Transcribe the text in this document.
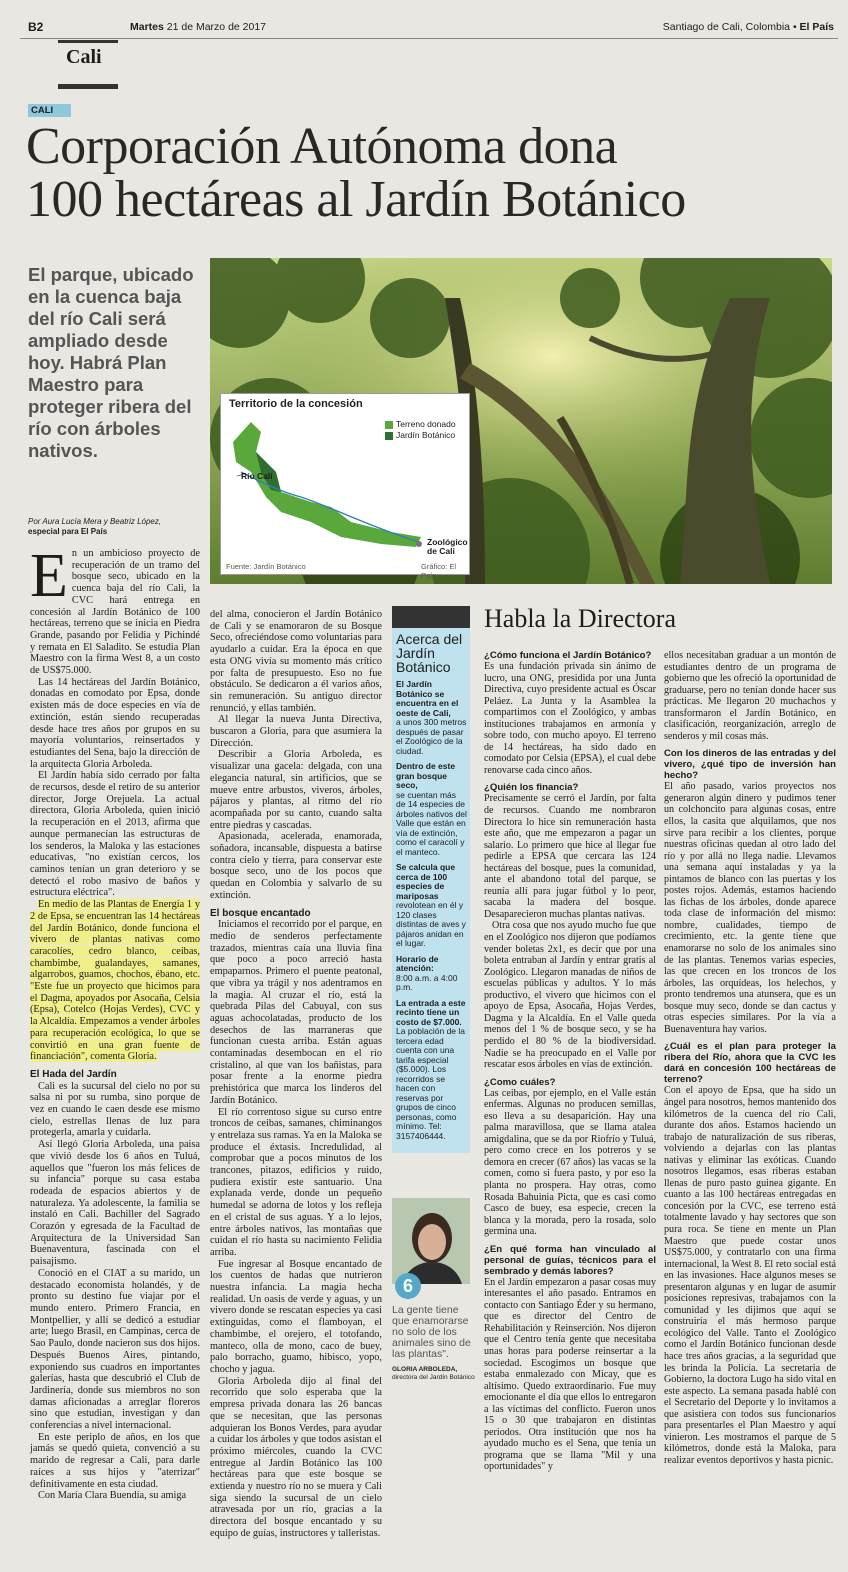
B2	Martes 21 de Marzo de 2017	Santiago de Cali, Colombia • El País
Cali
CALI
Corporación Autónoma dona
100 hectáreas al Jardín Botánico
El parque, ubicado en la cuenca baja del río Cali será ampliado desde hoy. Habrá Plan Maestro para proteger ribera del río con árboles nativos.
Por Aura Lucía Mera y Beatriz López,
especial para El País
Territorio de la concesión
Terreno donado
Jardín Botánico
Río Cali
Zoológico de Cali
Fuente: Jardín Botánico	Gráfico: El País
E n un ambicioso proyecto de recuperación de un tramo del bosque seco, ubicado en la cuenca baja del río Cali, la CVC hará entrega en concesión al Jardín Botánico de 100 hectáreas, terreno que se inicia en Piedra Grande, pasando por Felidia y Pichindé y remata en El Saladito. Se estudia Plan Maestro con la firma West 8, a un costo de US$75.000.

Las 14 hectáreas del Jardín Botánico, donadas en comodato por Epsa, donde existen más de doce especies en vía de extinción, están siendo recuperadas desde hace tres años por grupos en su mayoría voluntarios, reinsertados y estudiantes del Sena, bajo la dirección de la arquitecta Gloria Arboleda.

El Jardín había sido cerrado por falta de recursos, desde el retiro de su anterior director, Jorge Orejuela. La actual directora, Gloria Arboleda, quien inició la recuperación en el 2013, afirma que aunque permanecían las estructuras de los senderos, la Maloka y las estaciones educativas, "no existían cercos, los caminos tenían un gran deterioro y se detectó el robo masivo de baños y estructura eléctrica".

En medio de las Plantas de Energía 1 y 2 de Epsa, se encuentran las 14 hectáreas del Jardín Botánico, donde funciona el vivero de plantas nativas como caracolíes, cedro blanco, ceibas, chambimbe, gualandayes, samanes, algarrobos, guamos, chochos, ébano, etc. "Este fue un proyecto que hicimos para el Dagma, apoyados por Asocaña, Celsia (Epsa), Cotelco (Hojas Verdes), CVC y la Alcaldía. Empezamos a vender árboles para recuperación ecológica, lo que se convirtió en una gran fuente de financiación", comenta Gloria.

El Hada del Jardín

Cali es la sucursal del cielo no por su salsa ni por su rumba, sino porque de vez en cuando le caen desde ese mismo cielo, estrellas llenas de luz para protegerla, amarla y cuidarla.

Así llegó Gloria Arboleda, una paisa que vivió desde los 6 años en Tuluá, aquellos que "fueron los más felices de su infancia" porque su casa estaba rodeada de espacios abiertos y de naturaleza. Ya adolescente, la familia se instaló en Cali. Bachiller del Sagrado Corazón y egresada de la Facultad de Arquitectura de la Universidad San Buenaventura, fascinada con el paisajismo.

Conoció en el CIAT a su marido, un destacado economista holandés, y de pronto su destino fue viajar por el mundo entero. Primero Francia, en Montpellier, y allí se dedicó a estudiar arte; luego Brasil, en Campinas, cerca de Sao Paulo, donde nacieron sus dos hijos. Después Buenos Aires, pintando, exponiendo sus cuadros en importantes galerías, hasta que descubrió el Club de Jardinería, donde sus miembros no son damas aficionadas a arreglar floreros sino que estudian, investigan y dan conferencias a nivel internacional.

En este periplo de años, en los que jamás se quedó quieta, convenció a su marido de regresar a Cali, para darle raíces a sus hijos y "aterrizar" definitivamente en esta ciudad.

Con María Clara Buendía, su amiga

del alma, conocieron el Jardín Botánico de Cali y se enamoraron de su Bosque Seco, ofreciéndose como voluntarias para ayudarlo a cuidar. Era la época en que esta ONG vivía su momento más crítico por falta de presupuesto. Eso no fue obstáculo. Se dedicaron a él varios años, sin remuneración. Su antiguo director renunció, y ellas también.

Al llegar la nueva Junta Directiva, buscaron a Gloria, para que asumiera la Dirección.

Describir a Gloria Arboleda, es visualizar una gacela: delgada, con una elegancia natural, sin artificios, que se mueve entre arbustos, viveros, árboles, pájaros y plantas, al ritmo del río acompañada por su canto, cuando salta entre piedras y cascadas.

Apasionada, acelerada, enamorada, soñadora, incansable, dispuesta a batirse contra cielo y tierra, para conservar este bosque seco, uno de los pocos que quedan en Colombia y salvarlo de su extinción.

El bosque encantado

Iniciamos el recorrido por el parque, en medio de senderos perfectamente trazados, mientras caía una lluvia fina que poco a poco arreció hasta empaparnos. Primero el puente peatonal, que vibra ya trágil y nos adentramos en la magia. Al cruzar el río, está la quebrada Pilas del Cabuyal, con sus aguas achocolatadas, producto de los desechos de las marraneras que funcionan cuesta arriba. Están aguas contaminadas desembocan en el río cristalino, al que van los bañistas, para posar frente a la enorme piedra prehistórica que marca los linderos del Jardín Botánico.

El río correntoso sigue su curso entre troncos de ceibas, samanes, chiminangos y entrelaza sus ramas. Ya en la Maloka se produce el éxtasis. Incredulidad, al comprobar que a pocos minutos de los trancones, pitazos, edificios y ruido, pudiera existir este santuario. Una explanada verde, donde un pequeño humedal se adorna de lotos y los refleja en el cristal de sus aguas. Y a lo lejos, entre árboles nativos, las montañas que cuidan el río hasta su nacimiento Felidia arriba.

Fue ingresar al Bosque encantado de los cuentos de hadas que nutrieron nuestra infancia. La magia hecha realidad. Un oasis de verde y aguas, y un vivero donde se rescatan especies ya casi extinguidas, como el flamboyan, el chambimbe, el orejero, el totofando, manteco, olla de mono, caco de buey, palo borracho, guamo, hibisco, yopo, chocho y jagua.

Gloria Arboleda dijo al final del recorrido que solo esperaba que la empresa privada donara las 26 bancas que se necesitan, que las personas adquieran los Bonos Verdes, para ayudar a cuidar los árboles y que todos asistan el próximo miércoles, cuando la CVC entregue al Jardín Botánico las 100 hectáreas para que este bosque se extienda y nuestro río no se muera y Cali siga siendo la sucursal de un cielo atravesada por un río, gracias a la directora del bosque encantado y su equipo de guías, instructores y talleristas.

Acerca del Jardín Botánico
El Jardín Botánico se encuentra en el oeste de Cali,
a unos 300 metros después de pasar el Zoológico de la ciudad.
Dentro de este gran bosque seco,
se cuentan más de 14 especies de árboles nativos del Valle que están en vía de extinción, como el caracolí y el manteco.
Se calcula que cerca de 100 especies de mariposas
revolotean en él y 120 clases distintas de aves y pájaros anidan en el lugar.
Horario de atención:
8:00 a.m. a 4:00 p.m.
La entrada a este recinto tiene un costo de $7.000.
La población de la tercera edad cuenta con una tarifa especial ($5.000). Los recorridos se hacen con reservas por grupos de cinco personas, como mínimo. Tel: 3157406444.
6
La gente tiene que enamorarse no solo de los animales sino de las plantas".
GLORIA ARBOLEDA,
directora del Jardín Botánico
Habla la Directora
¿Cómo funciona el Jardín Botánico?
Es una fundación privada sin ánimo de lucro, una ONG, presidida por una Junta Directiva, cuyo presidente actual es Óscar Peláez. La Junta y la Asamblea la compartimos con el Zoológico, y ambas instituciones trabajamos en armonía y sobre todo, con mucho apoyo. El terreno de 14 hectáreas, ha sido dado en comodato por Celsia (EPSA), el cual debe renovarse cada cinco años.
¿Quién los financia?
Precisamente se cerró el Jardín, por falta de recursos. Cuando me nombraron Directora lo hice sin remuneración hasta este año, que me empezaron a pagar un salario. Lo primero que hice al llegar fue pedirle a EPSA que cercara las 124 hectáreas del bosque, pues la comunidad, ante el abandono total del parque, se reunía allí para jugar fútbol y lo peor, sacaba la madera del bosque. Desaparecieron muchas plantas nativas.
Otra cosa que nos ayudo mucho fue que en el Zoológico nos dijeron que podíamos vender boletas 2x1, es decir que por una boleta entraban al Jardín y entrar gratis al Zoológico. Llegaron manadas de niños de escuelas públicas y adultos. Y lo más productivo, el vivero que hicimos con el apoyo de Epsa, Asocaña, Hojas Verdes, Dagma y la Alcaldía. En el Valle queda menos del 1 % de bosque seco, y se ha perdido el 80 % de la biodiversidad. Nadie se ha preocupado en el Valle por rescatar esos árboles en vías de extinción.
¿Como cuáles?
Las ceibas, por ejemplo, en el Valle están enfermas. Algunas no producen semillas, eso lleva a su desaparición. Hay una palma maravillosa, que se llama atalea amigdalina, que se da por Riofrío y Tuluá, pero como crece en los potreros y se demora en crecer (67 años) las vacas se la comen, como si fuera pasto, y por eso la planta no prospera. Hay otras, como Rosada Bahuinia Picta, que es casi como Casco de buey, esa especie, crecen la blanca y la morada, pero la rosada, solo germina una.
¿En qué forma han vinculado al personal de guías, técnicos para el sembrado y demás labores?
En el Jardín empezaron a pasar cosas muy interesantes el año pasado. Entramos en contacto con Santiago Éder y su hermano, que es director del Centro de Rehabilitación y Reinserción. Nos dijeron que el Centro tenía gente que necesitaba unas horas para poderse reinsertar a la sociedad. Escogimos un bosque que estaba enmalezado con Micay, que es altísimo. Quedo extraordinario. Fue muy emocionante el día que ellos lo entregaron a las víctimas del conflicto. Fueron unos 15 o 30 que trabajaron en distintas periodos. Otra institución que nos ha ayudado mucho es el Sena, que tenía un programa que se llama "Mil y una oportunidades" y
ellos necesitaban graduar a un montón de estudiantes dentro de un programa de gobierno que les ofreció la oportunidad de graduarse, pero no tenían donde hacer sus prácticas. Me llegaron 20 muchachos y transformaron el Jardín Botánico, en clasificación, reorganización, arreglo de senderos y mil cosas más.
Con los dineros de las entradas y del vivero, ¿qué tipo de inversión han hecho?
El año pasado, varios proyectos nos generaron algún dinero y pudimos tener un colchoncito para algunas cosas, entre ellos, la casita que alquilamos, que nos sirve para recibir a los clientes, porque nuestras oficinas quedan al otro lado del río y por allá no llega nadie. Llevamos una semana aquí instaladas y ya la pintamos de blanco con las puertas y los postes rojos. Además, estamos haciendo las fichas de los árboles, donde aparece toda clase de información del mismo: nombre, cualidades, tiempo de crecimiento, etc. la gente tiene que enamorarse no solo de los animales sino de las plantas. Tenemos varias especies, las que crecen en los troncos de los árboles, las orquídeas, los helechos, y pronto tendremos una atunsera, que es un bosque muy seco, donde se dan cactus y otras especies similares. Por la vía a Buenaventura hay varios.
¿Cuál es el plan para proteger la ribera del Río, ahora que la CVC les dará en concesión 100 hectáreas de terreno?
Con el apoyo de Epsa, que ha sido un ángel para nosotros, hemos mantenido dos kilómetros de la cuenca del río Cali, durante dos años. Estamos haciendo un trabajo de naturalización de sus riberas, volviendo a dejarlas con las plantas nativas y eliminar las exóticas. Cuando nosotros llegamos, esas riberas estaban llenas de puro pasto guinea gigante. En cuanto a las 100 hectáreas entregadas en concesión por la CVC, ese terreno está totalmente lavado y hay sectores que son pura roca. Se tiene en mente un Plan Maestro que puede costar unos US$75.000, y contratarlo con una firma internacional, la West 8. El reto social está en las invasiones. Hace algunos meses se presentaron algunas y en lugar de asumir posiciones represivas, trabajamos con la comunidad y les dijimos que aquí se construiría el más hermoso parque ecológico del Valle. Tanto el Zoológico como el Jardín Botánico funcionan desde hace tres años gracias, a la seguridad que les brinda la Policía. La secretaria de Gobierno, la doctora Lugo ha sido vital en este aspecto. La semana pasada hablé con el Secretario del Deporte y lo invitamos a que asistiera con todos sus funcionarios para presentarles el Plan Maestro y aquí vinieron. Les mostramos el parque de 5 kilómetros, donde está la Maloka, para realizar eventos deportivos y hasta picnic.
